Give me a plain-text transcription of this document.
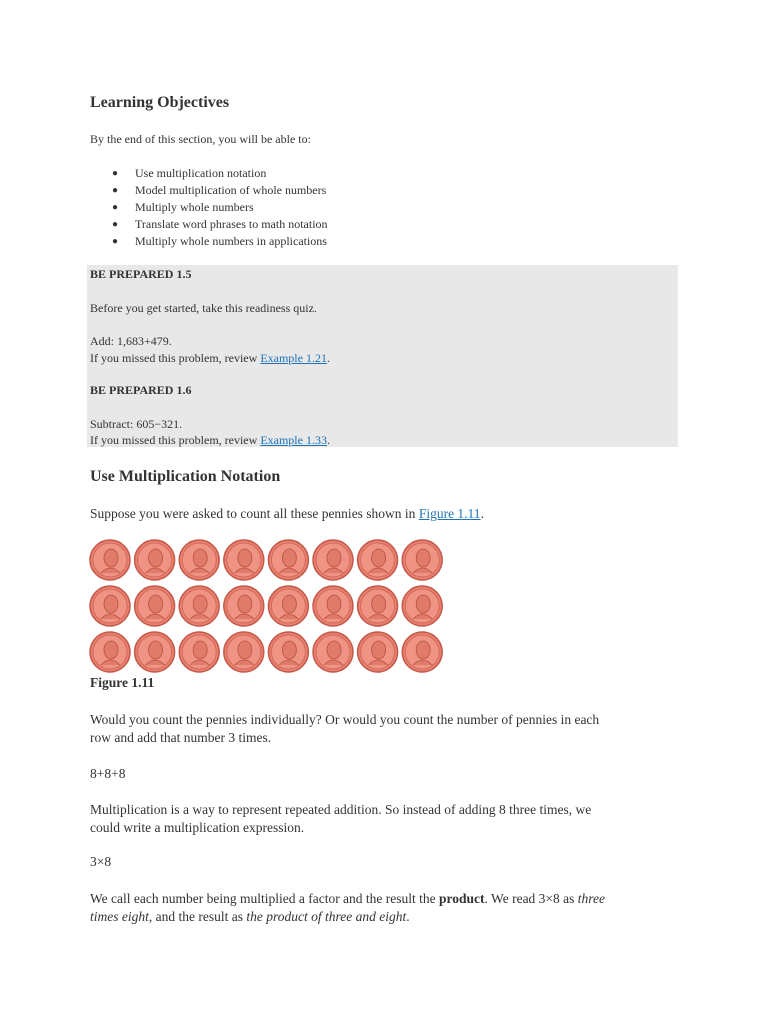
Learning Objectives

By the end of this section, you will be able to:

● Use multiplication notation
● Model multiplication of whole numbers
● Multiply whole numbers
● Translate word phrases to math notation
● Multiply whole numbers in applications

BE PREPARED 1.5

Before you get started, take this readiness quiz.

Add: 1,683+479.

If you missed this problem, review Example 1.21.

BE PREPARED 1.6

Subtract: 605−321.

If you missed this problem, review Example 1.33.

Use Multiplication Notation

Suppose you were asked to count all these pennies shown in Figure 1.11.

Figure 1.11

Would you count the pennies individually? Or would you count the number of pennies in each
row and add that number 3 times.

8+8+8

Multiplication is a way to represent repeated addition. So instead of adding 8 three times, we
could write a multiplication expression.

3×8

We call each number being multiplied a factor and the result the product. We read 3×8 as three
times eight, and the result as the product of three and eight.
